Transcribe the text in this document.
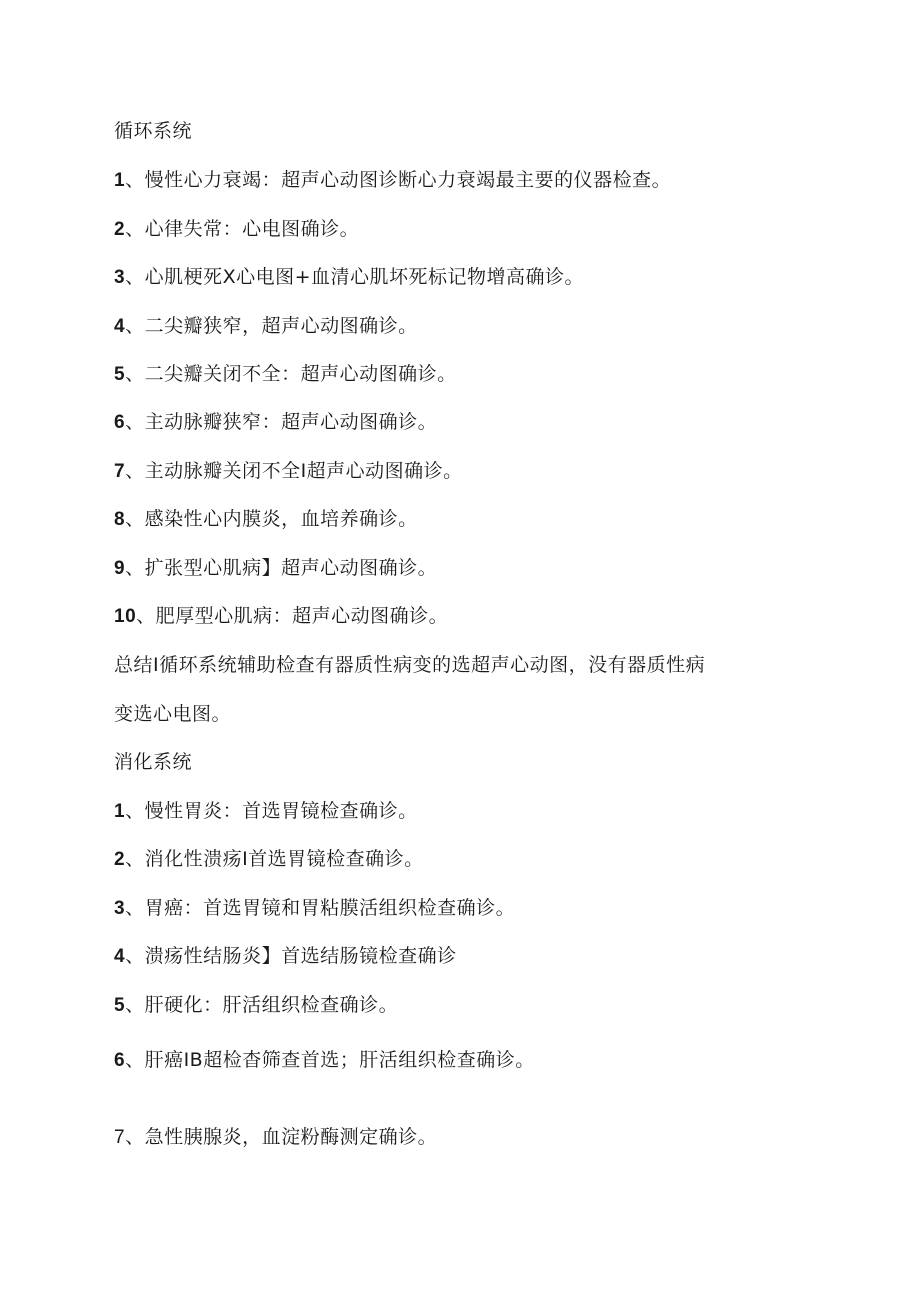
循环系统
1、慢性心力衰竭：超声心动图诊断心力衰竭最主要的仪器检查。
2、心律失常：心电图确诊。
3、心肌梗死X心电图+血清心肌坏死标记物增高确诊。
4、二尖瓣狭窄，超声心动图确诊。
5、二尖瓣关闭不全：超声心动图确诊。
6、主动脉瓣狭窄：超声心动图确诊。
7、主动脉瓣关闭不全I超声心动图确诊。
8、感染性心内膜炎，血培养确诊。
9、扩张型心肌病】超声心动图确诊。
10、肥厚型心肌病：超声心动图确诊。
总结I循环系统辅助检查有器质性病变的选超声心动图，没有器质性病
变选心电图。
消化系统
1、慢性胃炎：首选胃镜检查确诊。
2、消化性溃疡I首选胃镜检查确诊。
3、胃癌：首选胃镜和胃粘膜活组织检查确诊。
4、溃疡性结肠炎】首选结肠镜检查确诊
5、肝硬化：肝活组织检查确诊。
6、肝癌IB超检杳筛查首选；肝活组织检查确诊。
7、急性胰腺炎，血淀粉酶测定确诊。
